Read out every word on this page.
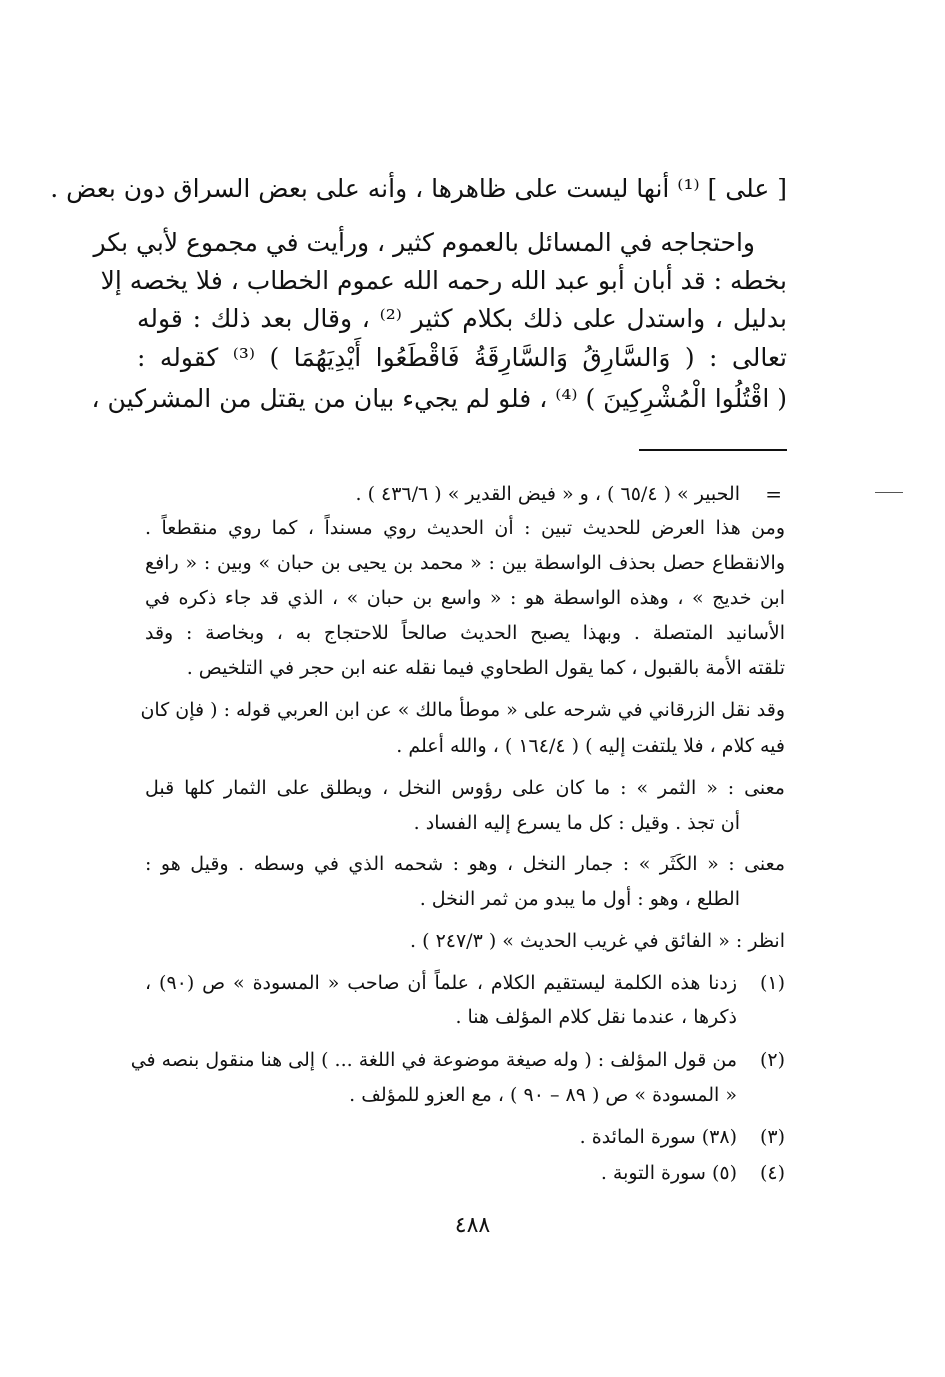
[ على ] ⁽¹⁾ أنها ليست على ظاهرها ، وأنه على بعض السراق دون بعض .
واحتجاجه في المسائل بالعموم كثير ، ورأيت في مجموع لأبي بكر
بخطه : قد أبان أبو عبد الله رحمه الله عموم الخطاب ، فلا يخصه إلا
بدليل ، واستدل على ذلك بكلام كثير ⁽²⁾ ، وقال بعد ذلك : قوله
تعالى : ( وَالسَّارِقُ وَالسَّارِقَةُ فَاقْطَعُوا أَيْدِيَهُمَا ) ⁽³⁾ كقوله :
( اقْتُلُوا الْمُشْرِكِينَ ) ⁽⁴⁾ ، فلو لم يجيء بيان من يقتل من المشركين ،
=
الحبير » ( ٦٥/٤ ) ، و « فيض القدير » ( ٤٣٦/٦ ) .
ومن هذا العرض للحديث تبين : أن الحديث روي مسنداً ، كما روي منقطعاً .
والانقطاع حصل بحذف الواسطة بين : « محمد بن يحيى بن حبان » وبين : « رافع
ابن خديج » ، وهذه الواسطة هو : « واسع بن حبان » ، الذي قد جاء ذكره في
الأسانيد المتصلة . وبهذا يصبح الحديث صالحاً للاحتجاج به ، وبخاصة : وقد
تلقته الأمة بالقبول ، كما يقول الطحاوي فيما نقله عنه ابن حجر في التلخيص .
وقد نقل الزرقاني في شرحه على « موطأ مالك » عن ابن العربي قوله : ( فإن كان
فيه كلام ، فلا يلتفت إليه ) ( ١٦٤/٤ ) ، والله أعلم .
معنى : « الثمر » : ما كان على رؤوس النخل ، ويطلق على الثمار كلها قبل
أن تجذ . وقيل : كل ما يسرع إليه الفساد .
معنى : « الكَثَر » : جمار النخل ، وهو : شحمه الذي في وسطه . وقيل هو :
الطلع ، وهو : أول ما يبدو من ثمر النخل .
انظر : « الفائق في غريب الحديث » ( ٢٤٧/٣ ) .
(١)
زدنا هذه الكلمة ليستقيم الكلام ، علماً أن صاحب « المسودة » ص (٩٠) ،
ذكرها ، عندما نقل كلام المؤلف هنا .
(٢)
من قول المؤلف : ( وله صيغة موضوعة في اللغة ... ) إلى هنا منقول بنصه في
« المسودة » ص ( ٨٩ – ٩٠ ) ، مع العزو للمؤلف .
(٣)
(٣٨) سورة المائدة .
(٤)
(٥) سورة التوبة .
٤٨٨
